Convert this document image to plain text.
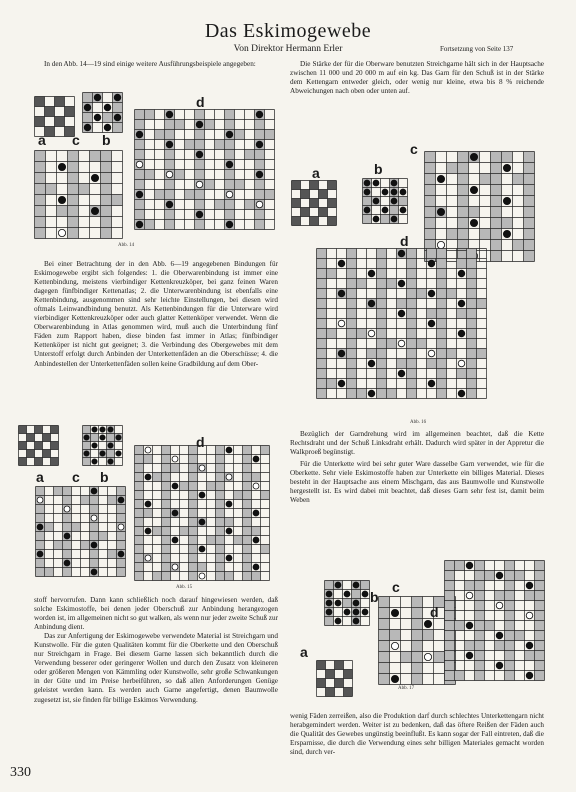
Das Eskimogewebe
Von Direktor Hermann Erler	Fortsetzung von Seite 137

In den Abb. 14—19 sind einige weitere Ausführungsbeispiele angegeben:

Bei einer Betrachtung der in den Abb. 6—19 angegebenen Bindungen für Eskimogewebe ergibt sich folgendes: 1. die Oberwarenbindung ist immer eine Kettenbindung, meistens vierbindiger Kettenkreuzköper, bei ganz feinen Waren dagegen fünfbindiger Kettenatlas; 2. die Unterwarenbindung ist ebenfalls eine Kettenbindung, ausgenommen sind sehr leichte Einstellungen, bei diesen wird oftmals Leinwandbindung benutzt. Als Kettenbindungen für die Unterware wird vierbindiger Kettenkreuzköper oder auch glatter Kettenköper verwendet. Wenn die Oberwarenbindung in Atlas genommen wird, muß auch die Unterbindung fünf Fäden zum Rapport haben, diese binden fast immer in Atlas; fünfbindiger Kettenköper ist nicht gut geeignet; 3. die Verbindung des Obergewebes mit dem Unterstoff erfolgt durch Anbinden der Unterkettenfäden an die Oberschüsse; 4. die Anbindestellen der Unterkettenfäden sollen keine Gradbildung auf dem Ober-

stoff hervorrufen. Dann kann schließlich noch darauf hingewiesen werden, daß solche Eskimostoffe, bei denen jeder Oberschuß zur Anbindung herangezogen worden ist, im allgemeinen nicht so gut walken, als wenn nur jeder zweite Schuß zur Anbindung dient.

Das zur Anfertigung der Eskimogewebe verwendete Material ist Streichgarn und Kunstwolle. Für die guten Qualitäten kommt für die Oberkette und den Oberschuß nur Streichgarn in Frage. Bei diesem Garne lassen sich bekanntlich durch die Verwendung besserer oder geringerer Wollen und durch den Zusatz von kleineren oder größeren Mengen von Kämmling oder Kunstwolle, sehr große Schwankungen in der Güte und im Preise herbeiführen, so daß allen Anforderungen Genüge geleistet werden kann. Es werden auch Garne angefertigt, denen Baumwolle zugesetzt ist, sie finden für billige Eskimos Verwendung.

Die Stärke der für die Oberware benutzten Streichgarne hält sich in der Hauptsache zwischen 11 000 und 20 000 m auf ein kg. Das Garn für den Schuß ist in der Stärke dem Kettengarn entweder gleich, oder wenig nur kleine, etwa bis 8 % reichende Abweichungen nach oben oder unten auf.

Bezüglich der Garndrehung wird im allgemeinen beachtet, daß die Kette Rechtsdraht und der Schuß Linksdraht erhält. Dadurch wird später in der Appretur die Walkproeß begünstigt.

Für die Unterkette wird bei sehr guter Ware dasselbe Garn verwendet, wie für die Oberkette. Sehr viele Eskimostoffe haben zur Unterkette ein billiges Material. Dieses besteht in der Hauptsache aus einem Mischgarn, das aus Baumwolle und Kunstwolle hergestellt ist. Es wird dabei mit beachtet, daß dieses Garn sehr fest ist, damit beim Weben

wenig Fäden zerreißen, also die Produktion darf durch schlechtes Unterkettengarn nicht herabgemindert werden. Weiter ist zu bedenken, daß das öftere Reißen der Fäden auch die Qualität des Gewebes ungünstig beeinflußt. Es kann sogar der Fall eintreten, daß die Ersparnisse, die durch die Verwendung eines sehr billigen Materiales gemacht worden sind, durch ver-

a c b
d
Abb. 14
a c b
d
Abb. 15
a	b
c
d
Abb. 16
b
c
d
a
Abb. 17
330
